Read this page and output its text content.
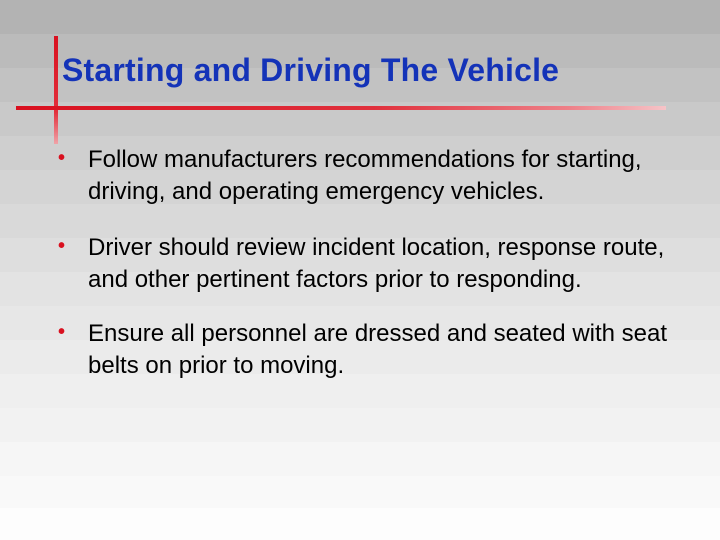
Starting and Driving The Vehicle
• Follow manufacturers recommendations for starting, driving, and operating emergency vehicles.
• Driver should review incident location, response route, and other pertinent factors prior to responding.
• Ensure all personnel are dressed and seated with seat belts on prior to moving.
